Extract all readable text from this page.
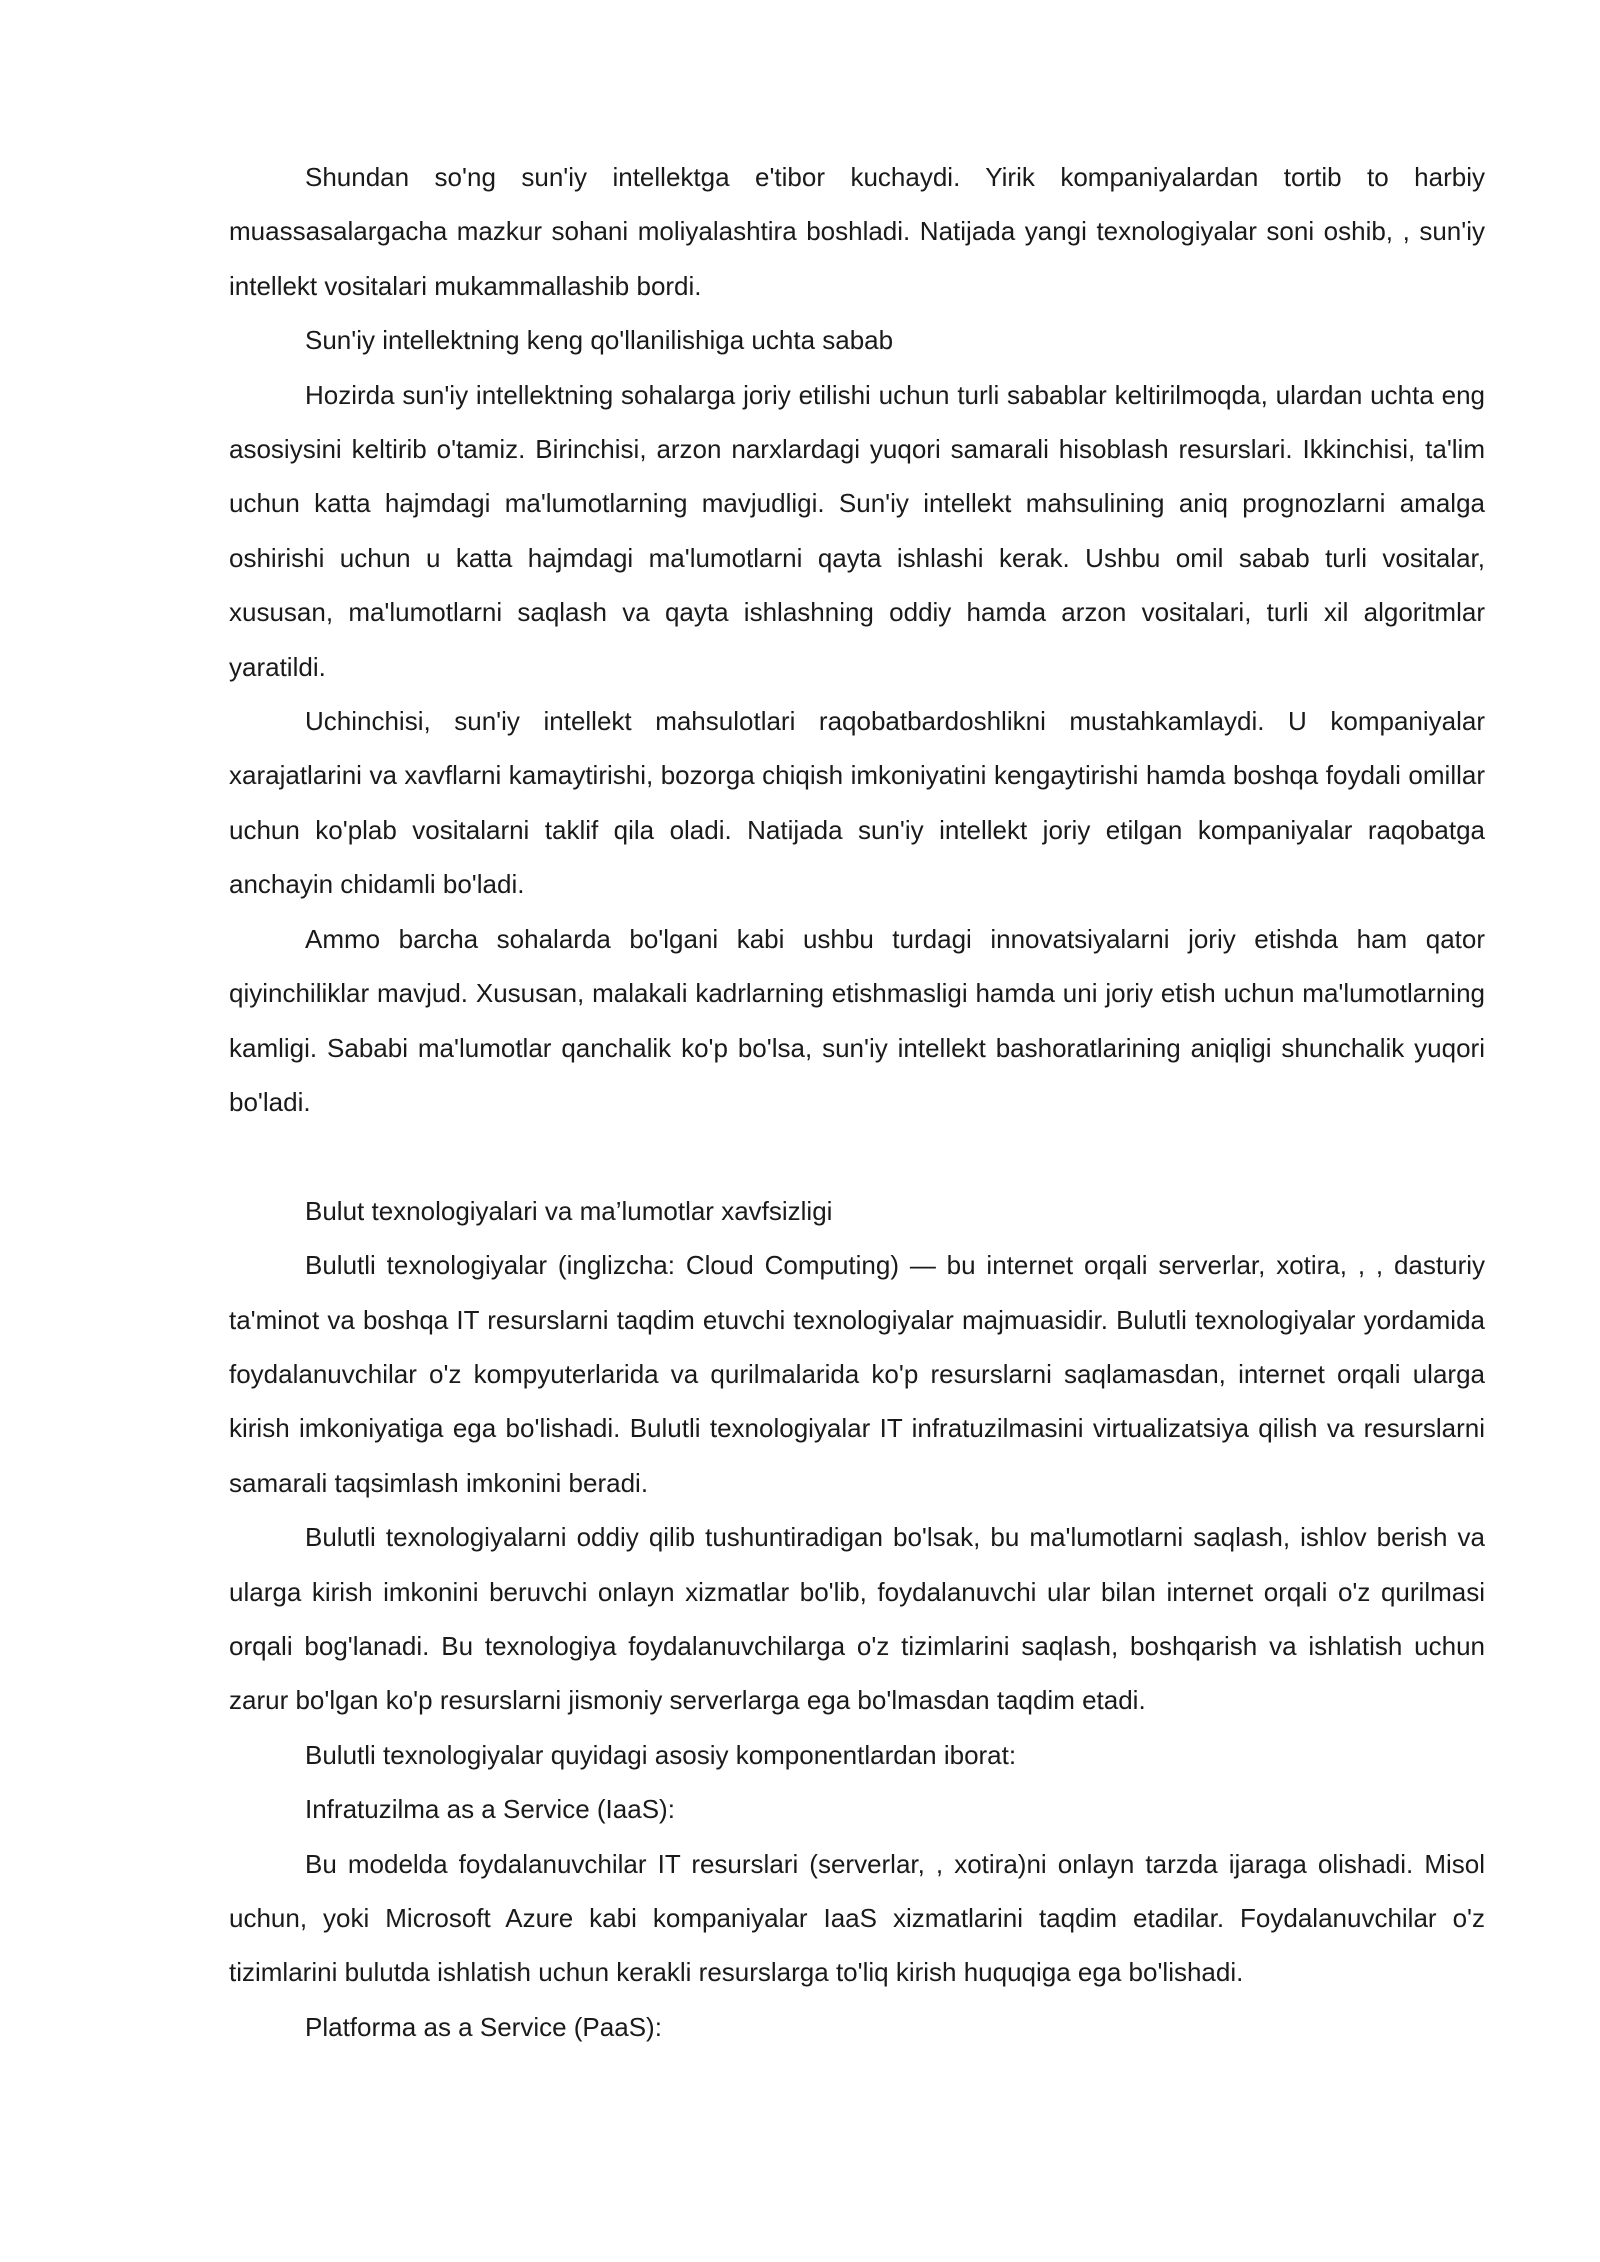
Shundan so'ng sun'iy intellektga e'tibor kuchaydi. Yirik kompaniyalardan tortib to harbiy muassasalargacha mazkur sohani moliyalashtira boshladi. Natijada yangi texnologiyalar soni oshib, , sun'iy intellekt vositalari mukammallashib bordi.

Sun'iy intellektning keng qo'llanilishiga uchta sabab

Hozirda sun'iy intellektning sohalarga joriy etilishi uchun turli sabablar keltirilmoqda, ulardan uchta eng asosiysini keltirib o'tamiz. Birinchisi, arzon narxlardagi yuqori samarali hisoblash resurslari. Ikkinchisi, ta'lim uchun katta hajmdagi ma'lumotlarning mavjudligi. Sun'iy intellekt mahsulining aniq prognozlarni amalga oshirishi uchun u katta hajmdagi ma'lumotlarni qayta ishlashi kerak. Ushbu omil sabab turli vositalar, xususan, ma'lumotlarni saqlash va qayta ishlashning oddiy hamda arzon vositalari, turli xil algoritmlar yaratildi.

Uchinchisi, sun'iy intellekt mahsulotlari raqobatbardoshlikni mustahkamlaydi. U kompaniyalar xarajatlarini va xavflarni kamaytirishi, bozorga chiqish imkoniyatini kengaytirishi hamda boshqa foydali omillar uchun ko'plab vositalarni taklif qila oladi. Natijada sun'iy intellekt joriy etilgan kompaniyalar raqobatga anchayin chidamli bo'ladi.

Ammo barcha sohalarda bo'lgani kabi ushbu turdagi innovatsiyalarni joriy etishda ham qator qiyinchiliklar mavjud. Xususan, malakali kadrlarning etishmasligi hamda uni joriy etish uchun ma'lumotlarning kamligi. Sababi ma'lumotlar qanchalik ko'p bo'lsa, sun'iy intellekt bashoratlarining aniqligi shunchalik yuqori bo'ladi.

Bulut texnologiyalari va ma’lumotlar xavfsizligi

Bulutli texnologiyalar (inglizcha: Cloud Computing) — bu internet orqali serverlar, xotira, , , dasturiy ta'minot va boshqa IT resurslarni taqdim etuvchi texnologiyalar majmuasidir. Bulutli texnologiyalar yordamida foydalanuvchilar o'z kompyuterlarida va qurilmalarida ko'p resurslarni saqlamasdan, internet orqali ularga kirish imkoniyatiga ega bo'lishadi. Bulutli texnologiyalar IT infratuzilmasini virtualizatsiya qilish va resurslarni samarali taqsimlash imkonini beradi.

Bulutli texnologiyalarni oddiy qilib tushuntiradigan bo'lsak, bu ma'lumotlarni saqlash, ishlov berish va ularga kirish imkonini beruvchi onlayn xizmatlar bo'lib, foydalanuvchi ular bilan internet orqali o'z qurilmasi orqali bog'lanadi. Bu texnologiya foydalanuvchilarga o'z tizimlarini saqlash, boshqarish va ishlatish uchun zarur bo'lgan ko'p resurslarni jismoniy serverlarga ega bo'lmasdan taqdim etadi.

Bulutli texnologiyalar quyidagi asosiy komponentlardan iborat:

Infratuzilma as a Service (IaaS):

Bu modelda foydalanuvchilar IT resurslari (serverlar, , xotira)ni onlayn tarzda ijaraga olishadi. Misol uchun, yoki Microsoft Azure kabi kompaniyalar IaaS xizmatlarini taqdim etadilar. Foydalanuvchilar o'z tizimlarini bulutda ishlatish uchun kerakli resurslarga to'liq kirish huquqiga ega bo'lishadi.

Platforma as a Service (PaaS):
